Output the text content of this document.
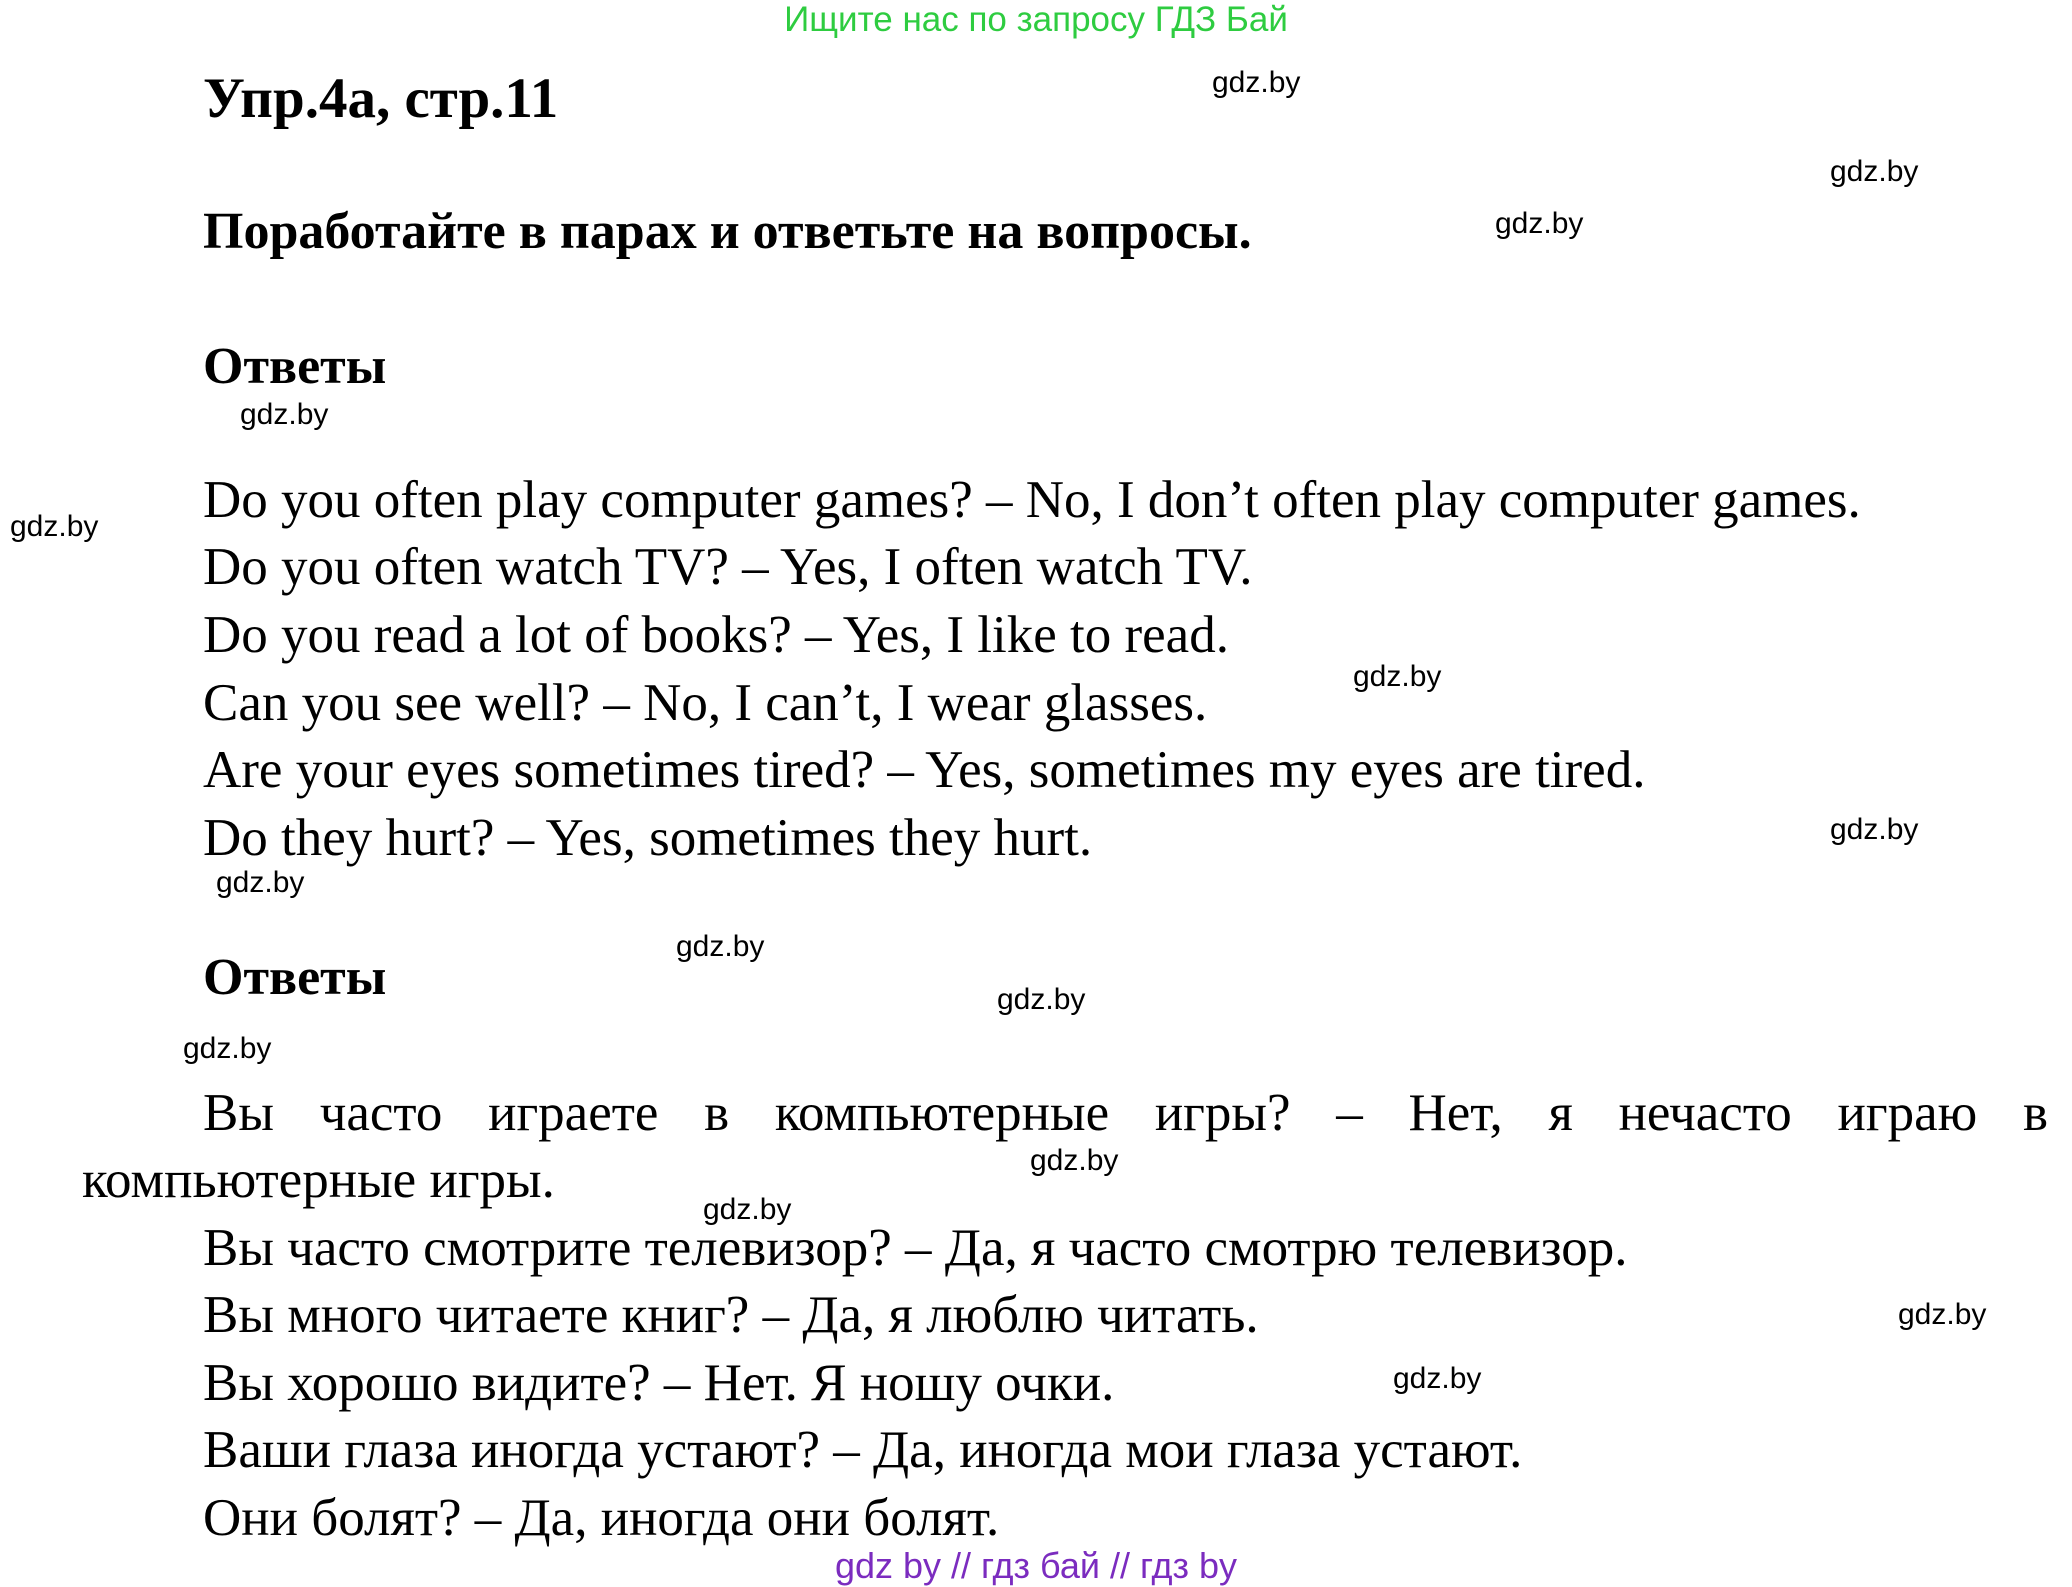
Ищите нас по запросу ГДЗ Бай
Упр.4а, стр.11
Поработайте в парах и ответьте на вопросы.
Ответы
Do you often play computer games? – No, I don’t often play computer games.
Do you often watch TV? – Yes, I often watch TV.
Do you read a lot of books? – Yes, I like to read.
Can you see well? – No, I can’t, I wear glasses.
Are your eyes sometimes tired? – Yes, sometimes my eyes are tired.
Do they hurt? – Yes, sometimes they hurt.
Ответы
Вы часто играете в компьютерные игры? – Нет, я нечасто играю в
компьютерные игры.
Вы часто смотрите телевизор? – Да, я часто смотрю телевизор.
Вы много читаете книг? – Да, я люблю читать.
Вы хорошо видите? – Нет. Я ношу очки.
Ваши глаза иногда устают? – Да, иногда мои глаза устают.
Они болят? – Да, иногда они болят.
gdz.by
gdz.by
gdz.by
gdz.by
gdz.by
gdz.by
gdz.by
gdz.by
gdz.by
gdz.by
gdz.by
gdz.by
gdz.by
gdz.by
gdz.by
gdz by // гдз бай // гдз by
